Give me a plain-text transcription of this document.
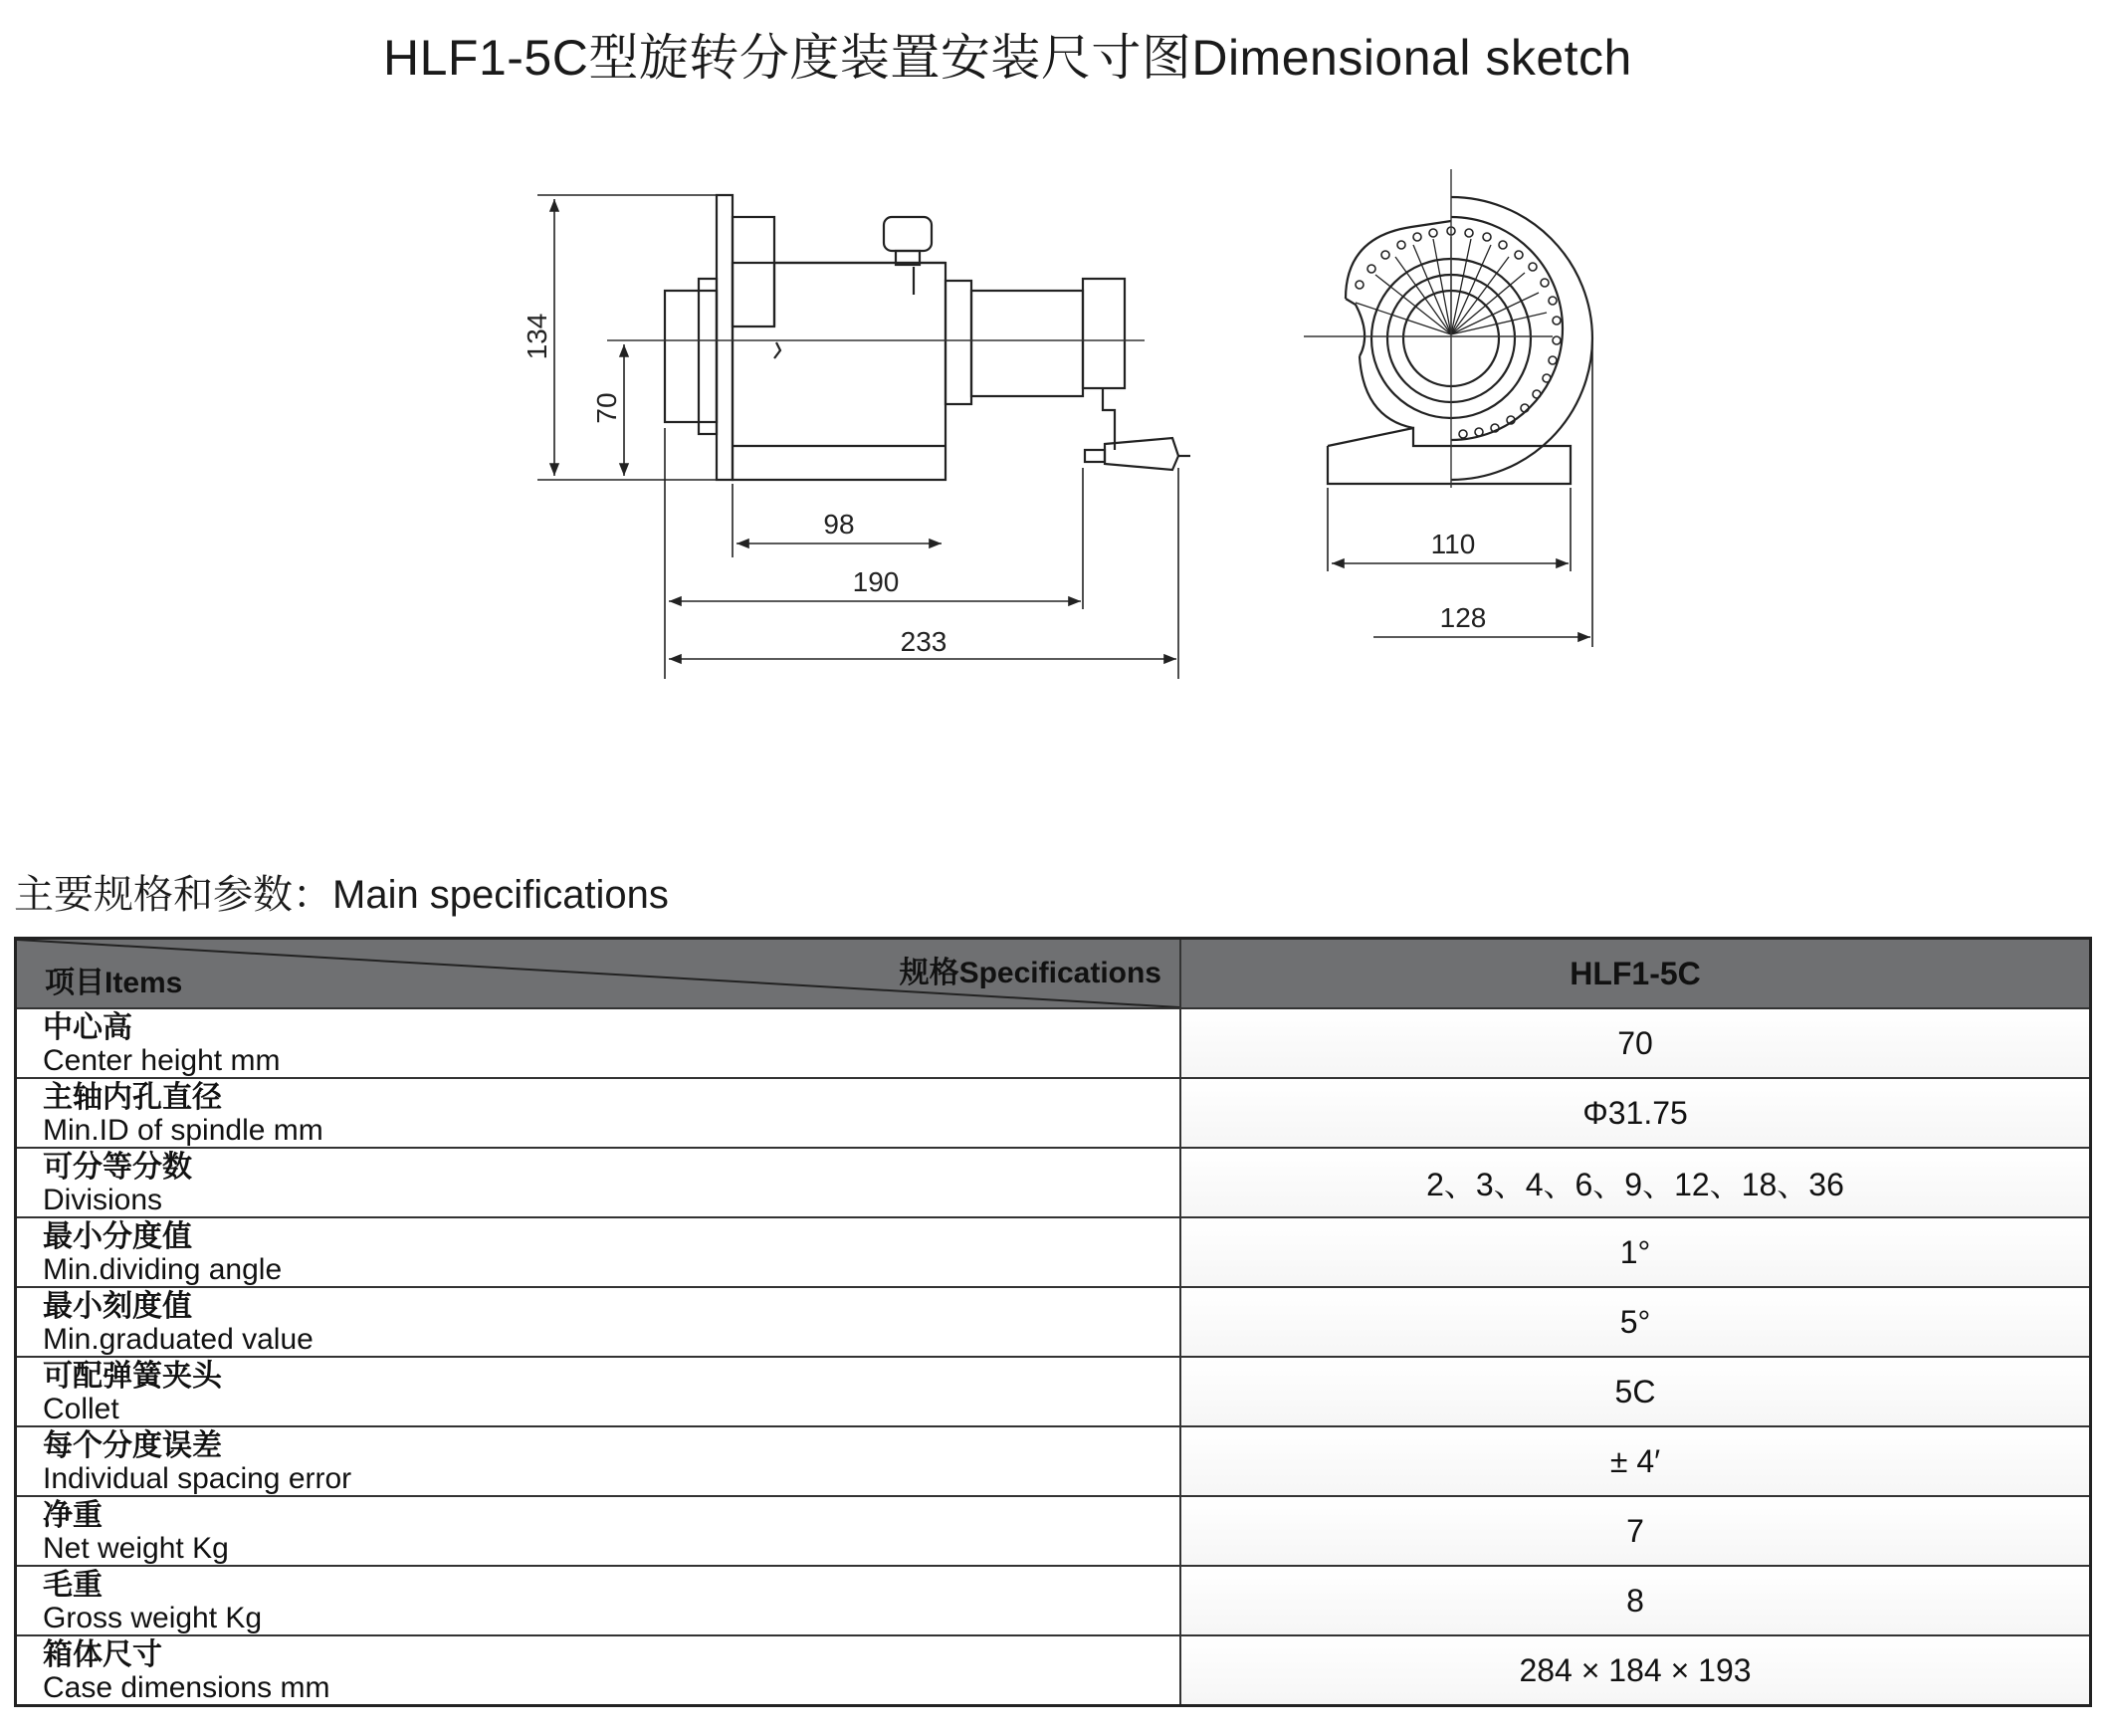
HLF1-5C型旋转分度装置安装尺寸图Dimensional sketch
134
70
98
190
233
110
128
主要规格和参数：Main specifications
项目Items 规格Specifications	HLF1-5C

中心高
Center height mm	70

主轴内孔直径
Min.ID of spindle mm	Φ31.75

可分等分数
Divisions	2、3、4、6、9、12、18、36

最小分度值
Min.dividing angle	1°

最小刻度值
Min.graduated value	5°

可配弹簧夹头
Collet	5C

每个分度误差
Individual spacing error	± 4′

净重
Net weight Kg	7

毛重
Gross weight Kg	8

箱体尺寸
Case dimensions mm	284 × 184 × 193
